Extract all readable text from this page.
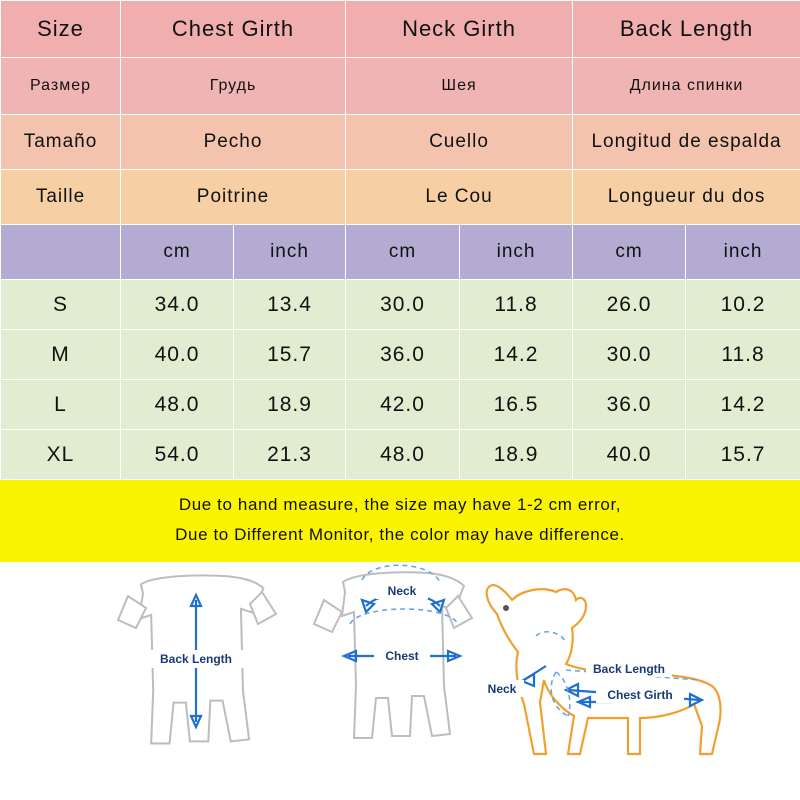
Size	Chest Girth		Neck Girth		Back Length	
Размер	Грудь		Шея		Длина спинки	
Tamaño	Pecho		Cuello		Longitud de espalda	
Taille	Poitrine		Le Cou		Longueur du dos	
	cm	inch	cm	inch	cm	inch
S	34.0	13.4	30.0	11.8	26.0	10.2
M	40.0	15.7	36.0	14.2	30.0	11.8
L	48.0	18.9	42.0	16.5	36.0	14.2
XL	54.0	21.3	48.0	18.9	40.0	15.7
Due to hand measure, the size may have 1-2 cm error,
Due to Different Monitor, the color may have difference.
Back Length
Neck
Chest
Back Length
Neck	Chest Girth
